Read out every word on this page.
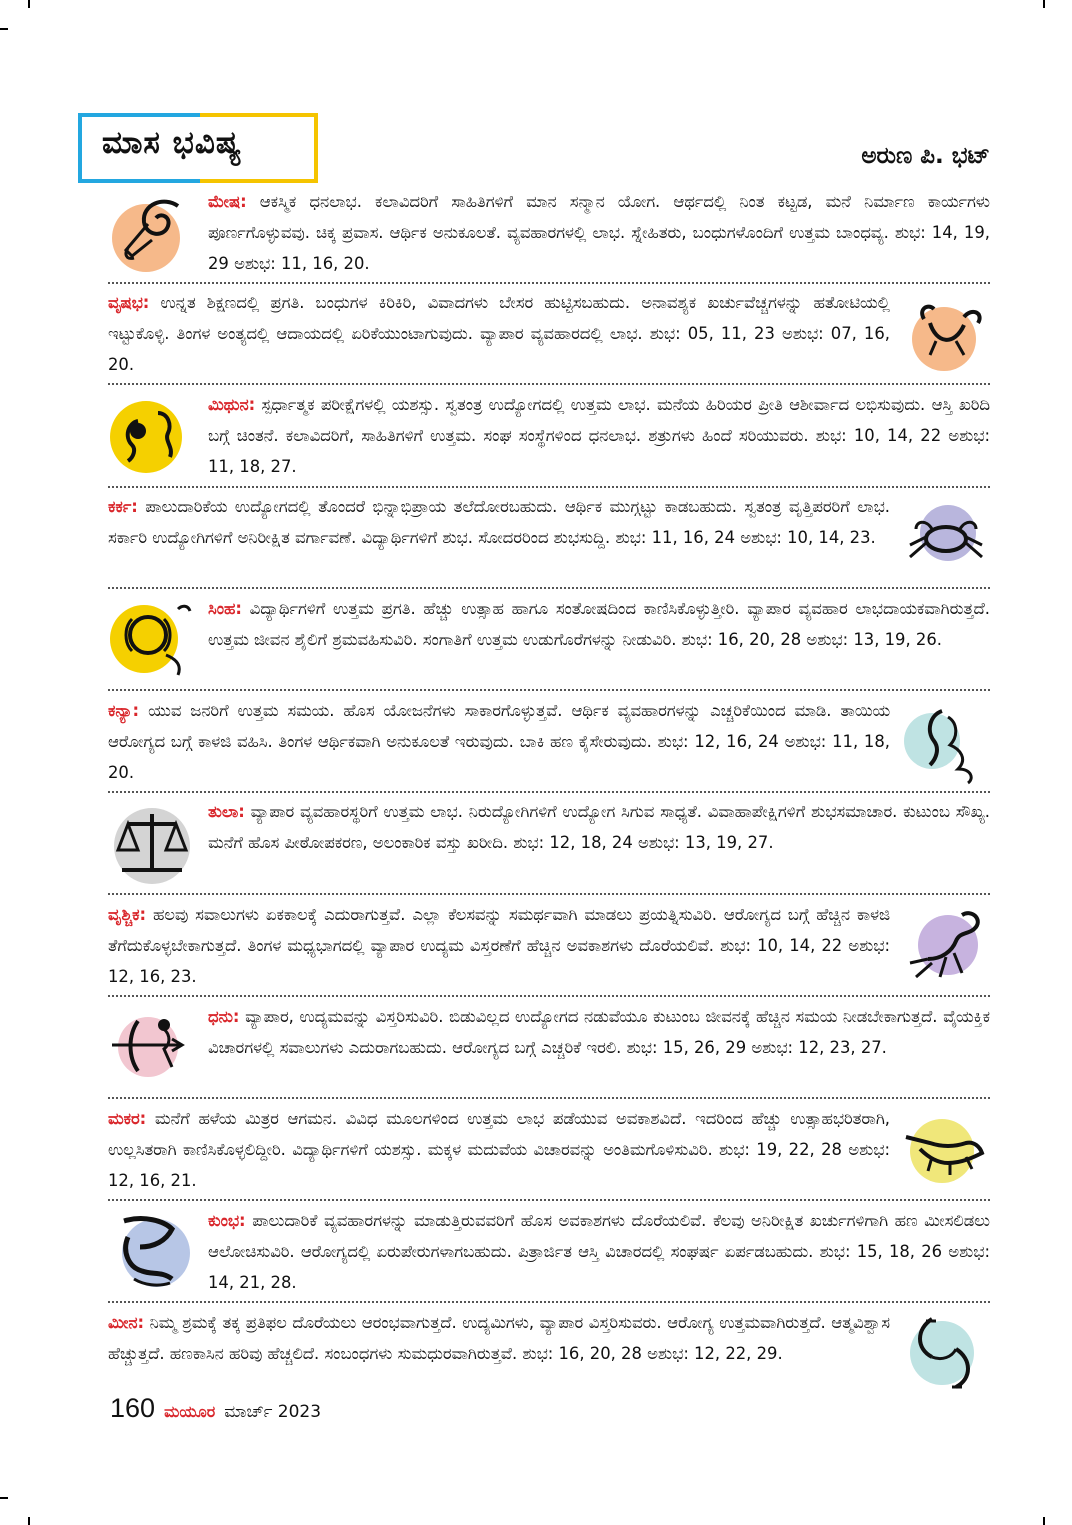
ಮಾಸ ಭವಿಷ್ಯ	ಅರುಣ ಪಿ. ಭಟ್
ಮೇಷ: ಆಕಸ್ಮಿಕ ಧನಲಾಭ. ಕಲಾವಿದರಿಗೆ ಸಾಹಿತಿಗಳಿಗೆ ಮಾನ ಸನ್ಮಾನ ಯೋಗ. ಆರ್ಥದಲ್ಲಿ ನಿಂತ ಕಟ್ಟಡ, ಮನೆ ನಿರ್ಮಾಣ ಕಾರ್ಯಗಳು ಪೂರ್ಣಗೊಳ್ಳುವವು. ಚಿಕ್ಕ ಪ್ರವಾಸ. ಆರ್ಥಿಕ ಅನುಕೂಲತೆ. ವ್ಯವಹಾರಗಳಲ್ಲಿ ಲಾಭ. ಸ್ನೇಹಿತರು, ಬಂಧುಗಳೊಂದಿಗೆ ಉತ್ತಮ ಬಾಂಧವ್ಯ. ಶುಭ: 14, 19, 29 ಅಶುಭ: 11, 16, 20.
ವೃಷಭ: ಉನ್ನತ ಶಿಕ್ಷಣದಲ್ಲಿ ಪ್ರಗತಿ. ಬಂಧುಗಳ ಕಿರಿಕಿರಿ, ವಿವಾದಗಳು ಬೇಸರ ಹುಟ್ಟಿಸಬಹುದು. ಅನಾವಶ್ಯಕ ಖರ್ಚುವೆಚ್ಚಗಳನ್ನು ಹತೋಟಿಯಲ್ಲಿ ಇಟ್ಟುಕೊಳ್ಳಿ. ತಿಂಗಳ ಅಂತ್ಯದಲ್ಲಿ ಆದಾಯದಲ್ಲಿ ಏರಿಕೆಯುಂಟಾಗುವುದು. ವ್ಯಾಪಾರ ವ್ಯವಹಾರದಲ್ಲಿ ಲಾಭ. ಶುಭ: 05, 11, 23 ಅಶುಭ: 07, 16, 20.
ಮಿಥುನ: ಸ್ಪರ್ಧಾತ್ಮಕ ಪರೀಕ್ಷೆಗಳಲ್ಲಿ ಯಶಸ್ಸು. ಸ್ವತಂತ್ರ ಉದ್ಯೋಗದಲ್ಲಿ ಉತ್ತಮ ಲಾಭ. ಮನೆಯ ಹಿರಿಯರ ಪ್ರೀತಿ ಆಶೀರ್ವಾದ ಲಭಿಸುವುದು. ಆಸ್ತಿ ಖರಿದಿ ಬಗ್ಗೆ ಚಿಂತನೆ. ಕಲಾವಿದರಿಗೆ, ಸಾಹಿತಿಗಳಿಗೆ ಉತ್ತಮ. ಸಂಘ ಸಂಸ್ಥೆಗಳಿಂದ ಧನಲಾಭ. ಶತ್ರುಗಳು ಹಿಂದೆ ಸರಿಯುವರು. ಶುಭ: 10, 14, 22 ಅಶುಭ: 11, 18, 27.
ಕರ್ಕ: ಪಾಲುದಾರಿಕೆಯ ಉದ್ಯೋಗದಲ್ಲಿ ತೊಂದರೆ ಭಿನ್ನಾಭಿಪ್ರಾಯ ತಲೆದೋರಬಹುದು. ಆರ್ಥಿಕ ಮುಗ್ಗಟ್ಟು ಕಾಡಬಹುದು. ಸ್ವತಂತ್ರ ವೃತ್ತಿಪರರಿಗೆ ಲಾಭ. ಸರ್ಕಾರಿ ಉದ್ಯೋಗಿಗಳಿಗೆ ಅನಿರೀಕ್ಷಿತ ವರ್ಗಾವಣೆ. ವಿದ್ಯಾರ್ಥಿಗಳಿಗೆ ಶುಭ. ಸೋದರರಿಂದ ಶುಭಸುದ್ದಿ. ಶುಭ: 11, 16, 24 ಅಶುಭ: 10, 14, 23.
ಸಿಂಹ: ವಿದ್ಯಾರ್ಥಿಗಳಿಗೆ ಉತ್ತಮ ಪ್ರಗತಿ. ಹೆಚ್ಚು ಉತ್ಸಾಹ ಹಾಗೂ ಸಂತೋಷದಿಂದ ಕಾಣಿಸಿಕೊಳ್ಳುತ್ತೀರಿ. ವ್ಯಾಪಾರ ವ್ಯವಹಾರ ಲಾಭದಾಯಕವಾಗಿರುತ್ತದೆ. ಉತ್ತಮ ಜೀವನ ಶೈಲಿಗೆ ಶ್ರಮವಹಿಸುವಿರಿ. ಸಂಗಾತಿಗೆ ಉತ್ತಮ ಉಡುಗೊರೆಗಳನ್ನು ನೀಡುವಿರಿ. ಶುಭ: 16, 20, 28 ಅಶುಭ: 13, 19, 26.
ಕನ್ಯಾ: ಯುವ ಜನರಿಗೆ ಉತ್ತಮ ಸಮಯ. ಹೊಸ ಯೋಜನೆಗಳು ಸಾಕಾರಗೊಳ್ಳುತ್ತವೆ. ಆರ್ಥಿಕ ವ್ಯವಹಾರಗಳನ್ನು ಎಚ್ಚರಿಕೆಯಿಂದ ಮಾಡಿ. ತಾಯಿಯ ಆರೋಗ್ಯದ ಬಗ್ಗೆ ಕಾಳಜಿ ವಹಿಸಿ. ತಿಂಗಳ ಆರ್ಥಿಕವಾಗಿ ಅನುಕೂಲತೆ ಇರುವುದು. ಬಾಕಿ ಹಣ ಕೈಸೇರುವುದು. ಶುಭ: 12, 16, 24 ಅಶುಭ: 11, 18, 20.
ತುಲಾ: ವ್ಯಾಪಾರ ವ್ಯವಹಾರಸ್ಥರಿಗೆ ಉತ್ತಮ ಲಾಭ. ನಿರುದ್ಯೋಗಿಗಳಿಗೆ ಉದ್ಯೋಗ ಸಿಗುವ ಸಾಧ್ಯತೆ. ವಿವಾಹಾಪೇಕ್ಷಿಗಳಿಗೆ ಶುಭಸಮಾಚಾರ. ಕುಟುಂಬ ಸೌಖ್ಯ. ಮನೆಗೆ ಹೊಸ ಪೀಠೋಪಕರಣ, ಅಲಂಕಾರಿಕ ವಸ್ತು ಖರೀದಿ. ಶುಭ: 12, 18, 24 ಅಶುಭ: 13, 19, 27.
ವೃಶ್ಚಿಕ: ಹಲವು ಸವಾಲುಗಳು ಏಕಕಾಲಕ್ಕೆ ಎದುರಾಗುತ್ತವೆ. ಎಲ್ಲಾ ಕೆಲಸವನ್ನು ಸಮರ್ಥವಾಗಿ ಮಾಡಲು ಪ್ರಯತ್ನಿಸುವಿರಿ. ಆರೋಗ್ಯದ ಬಗ್ಗೆ ಹೆಚ್ಚಿನ ಕಾಳಜಿ ತೆಗೆದುಕೊಳ್ಳಬೇಕಾಗುತ್ತದೆ. ತಿಂಗಳ ಮಧ್ಯಭಾಗದಲ್ಲಿ ವ್ಯಾಪಾರ ಉದ್ಯಮ ವಿಸ್ತರಣೆಗೆ ಹೆಚ್ಚಿನ ಅವಕಾಶಗಳು ದೊರೆಯಲಿವೆ. ಶುಭ: 10, 14, 22 ಅಶುಭ: 12, 16, 23.
ಧನು: ವ್ಯಾಪಾರ, ಉದ್ಯಮವನ್ನು ವಿಸ್ತರಿಸುವಿರಿ. ಬಿಡುವಿಲ್ಲದ ಉದ್ಯೋಗದ ನಡುವೆಯೂ ಕುಟುಂಬ ಜೀವನಕ್ಕೆ ಹೆಚ್ಚಿನ ಸಮಯ ನೀಡಬೇಕಾಗುತ್ತದೆ. ವೈಯಕ್ತಿಕ ವಿಚಾರಗಳಲ್ಲಿ ಸವಾಲುಗಳು ಎದುರಾಗಬಹುದು. ಆರೋಗ್ಯದ ಬಗ್ಗೆ ಎಚ್ಚರಿಕೆ ಇರಲಿ. ಶುಭ: 15, 26, 29 ಅಶುಭ: 12, 23, 27.
ಮಕರ: ಮನೆಗೆ ಹಳೆಯ ಮಿತ್ರರ ಆಗಮನ. ವಿವಿಧ ಮೂಲಗಳಿಂದ ಉತ್ತಮ ಲಾಭ ಪಡೆಯುವ ಅವಕಾಶವಿದೆ. ಇದರಿಂದ ಹೆಚ್ಚು ಉತ್ಸಾಹಭರಿತರಾಗಿ, ಉಲ್ಲಸಿತರಾಗಿ ಕಾಣಿಸಿಕೊಳ್ಳಲಿದ್ದೀರಿ. ವಿದ್ಯಾರ್ಥಿಗಳಿಗೆ ಯಶಸ್ಸು. ಮಕ್ಕಳ ಮದುವೆಯ ವಿಚಾರವನ್ನು ಅಂತಿಮಗೊಳಿಸುವಿರಿ. ಶುಭ: 19, 22, 28 ಅಶುಭ: 12, 16, 21.
ಕುಂಭ: ಪಾಲುದಾರಿಕೆ ವ್ಯವಹಾರಗಳನ್ನು ಮಾಡುತ್ತಿರುವವರಿಗೆ ಹೊಸ ಅವಕಾಶಗಳು ದೊರೆಯಲಿವೆ. ಕೆಲವು ಅನಿರೀಕ್ಷಿತ ಖರ್ಚುಗಳಿಗಾಗಿ ಹಣ ಮೀಸಲಿಡಲು ಆಲೋಚಿಸುವಿರಿ. ಆರೋಗ್ಯದಲ್ಲಿ ಏರುಪೇರುಗಳಾಗಬಹುದು. ಪಿತ್ರಾರ್ಜಿತ ಆಸ್ತಿ ವಿಚಾರದಲ್ಲಿ ಸಂಘರ್ಷ ಏರ್ಪಡಬಹುದು. ಶುಭ: 15, 18, 26 ಅಶುಭ: 14, 21, 28.
ಮೀನ: ನಿಮ್ಮ ಶ್ರಮಕ್ಕೆ ತಕ್ಕ ಪ್ರತಿಫಲ ದೊರೆಯಲು ಆರಂಭವಾಗುತ್ತದೆ. ಉದ್ಯಮಿಗಳು, ವ್ಯಾಪಾರ ವಿಸ್ತರಿಸುವರು. ಆರೋಗ್ಯ ಉತ್ತಮವಾಗಿರುತ್ತದೆ. ಆತ್ಮವಿಶ್ವಾಸ ಹೆಚ್ಚುತ್ತದೆ. ಹಣಕಾಸಿನ ಹರಿವು ಹೆಚ್ಚಲಿದೆ. ಸಂಬಂಧಗಳು ಸುಮಧುರವಾಗಿರುತ್ತವೆ. ಶುಭ: 16, 20, 28 ಅಶುಭ: 12, 22, 29.
160 ಮಯೂರ ಮಾರ್ಚ್ 2023
